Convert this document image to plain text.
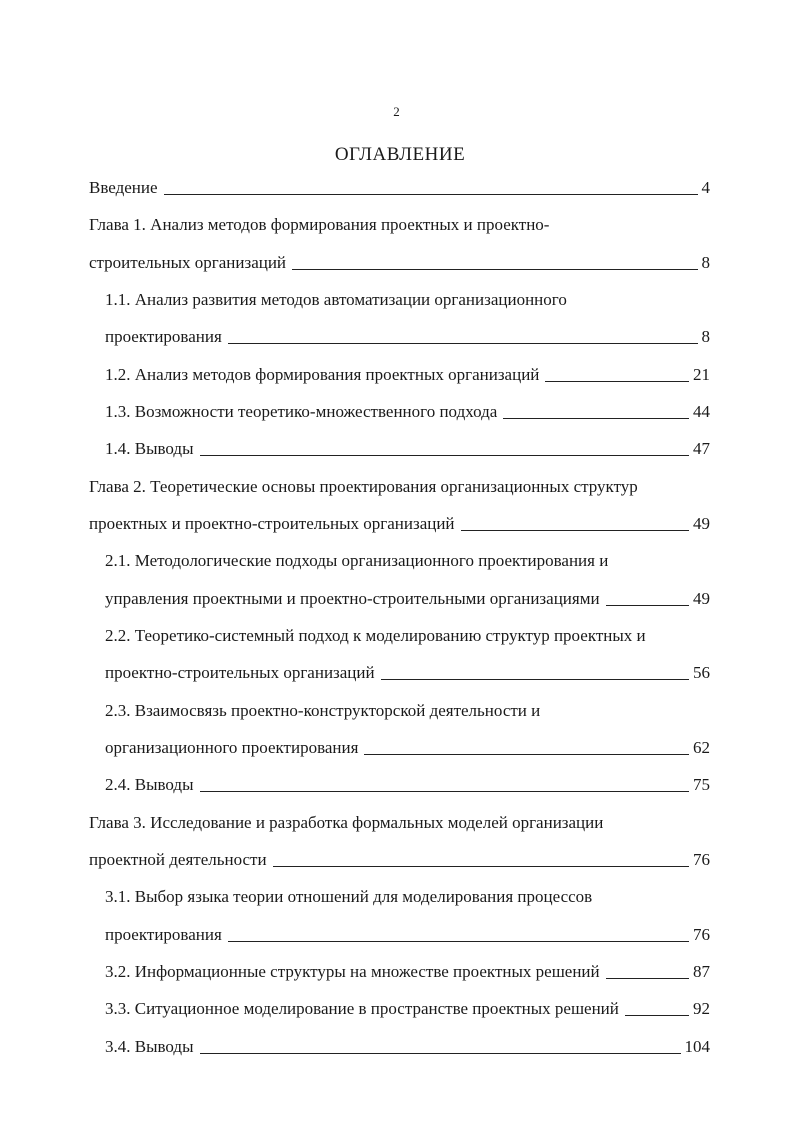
2
ОГЛАВЛЕНИЕ
Введение	4
Глава 1. Анализ методов формирования проектных и проектно-
строительных организаций	8
1.1. Анализ развития методов автоматизации организационного
проектирования	8
1.2. Анализ методов формирования проектных организаций	21
1.3. Возможности теоретико-множественного подхода	44
1.4. Выводы	47
Глава 2. Теоретические основы проектирования организационных структур
проектных и проектно-строительных организаций	49
2.1. Методологические подходы организационного проектирования и
управления проектными и проектно-строительными организациями	49
2.2. Теоретико-системный подход к моделированию структур проектных и
проектно-строительных организаций	56
2.3. Взаимосвязь проектно-конструкторской деятельности и
организационного проектирования	62
2.4. Выводы	75
Глава 3. Исследование и разработка формальных моделей организации
проектной деятельности	76
3.1. Выбор языка теории отношений для моделирования процессов
проектирования	76
3.2. Информационные структуры на множестве проектных решений	87
3.3. Ситуационное моделирование в пространстве проектных решений	92
3.4. Выводы	104
